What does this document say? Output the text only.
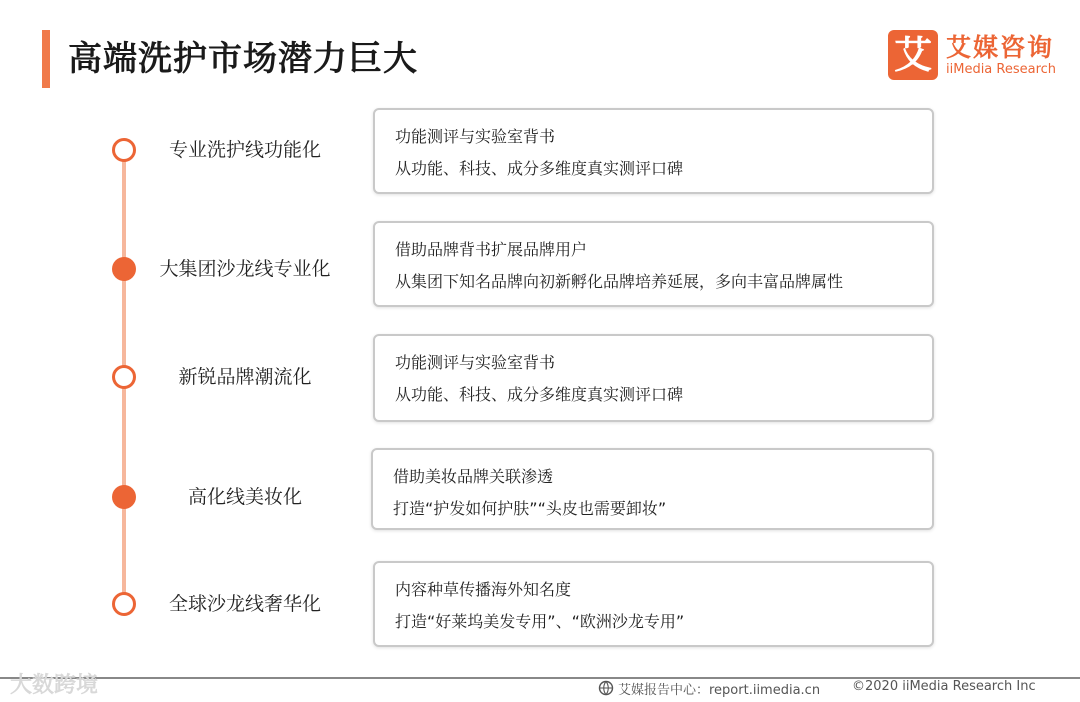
高端洗护市场潜力巨大	艾 艾媒咨询
iiMedia Research
专业洗护线功能化
功能测评与实验室背书
从功能、科技、成分多维度真实测评口碑
大集团沙龙线专业化
借助品牌背书扩展品牌用户
从集团下知名品牌向初新孵化品牌培养延展，多向丰富品牌属性
新锐品牌潮流化
功能测评与实验室背书
从功能、科技、成分多维度真实测评口碑
高化线美妆化
借助美妆品牌关联渗透
打造“护发如何护肤”“头皮也需要卸妆”
全球沙龙线奢华化
内容种草传播海外知名度
打造“好莱坞美发专用”、“欧洲沙龙专用”
大数跨境	艾媒报告中心：report.iimedia.cn ©2020 iiMedia Research Inc
